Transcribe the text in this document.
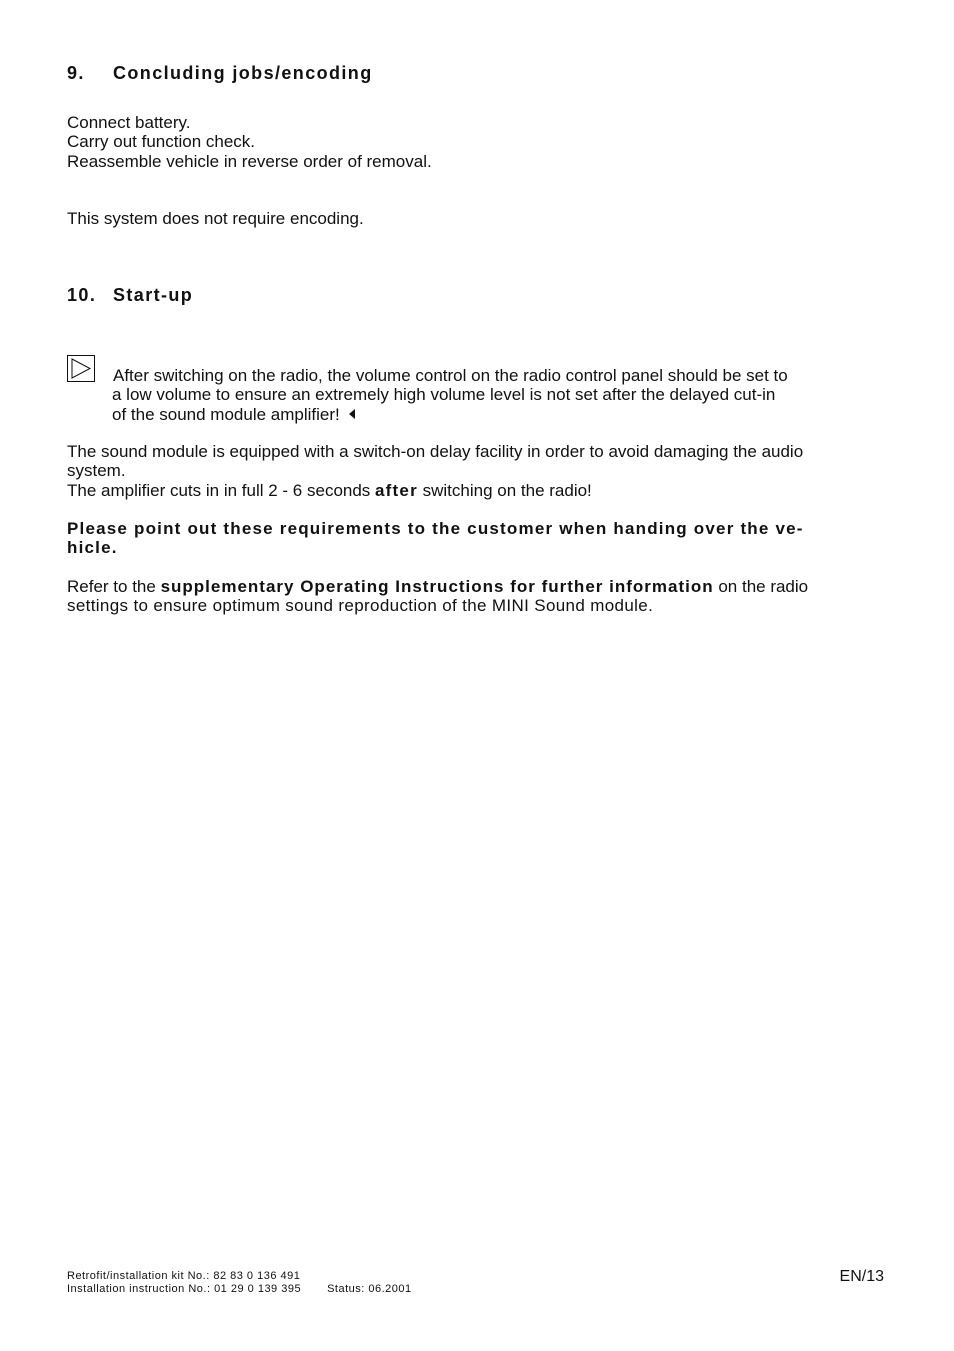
9. Concluding jobs/encoding
Connect battery.
Carry out function check.
Reassemble vehicle in reverse order of removal.
This system does not require encoding.
10. Start-up
After switching on the radio, the volume control on the radio control panel should be set to
a low volume to ensure an extremely high volume level is not set after the delayed cut-in
of the sound module amplifier!
The sound module is equipped with a switch-on delay facility in order to avoid damaging the audio
system.
The amplifier cuts in in full 2 - 6 seconds after switching on the radio!
Please point out these requirements to the customer when handing over the ve-
hicle.
Refer to the supplementary Operating Instructions for further information on the radio
settings to ensure optimum sound reproduction of the MINI Sound module.
Retrofit/installation kit No.: 82 83 0 136 491
Installation instruction No.: 01 29 0 139 395 Status: 06.2001
EN/13
